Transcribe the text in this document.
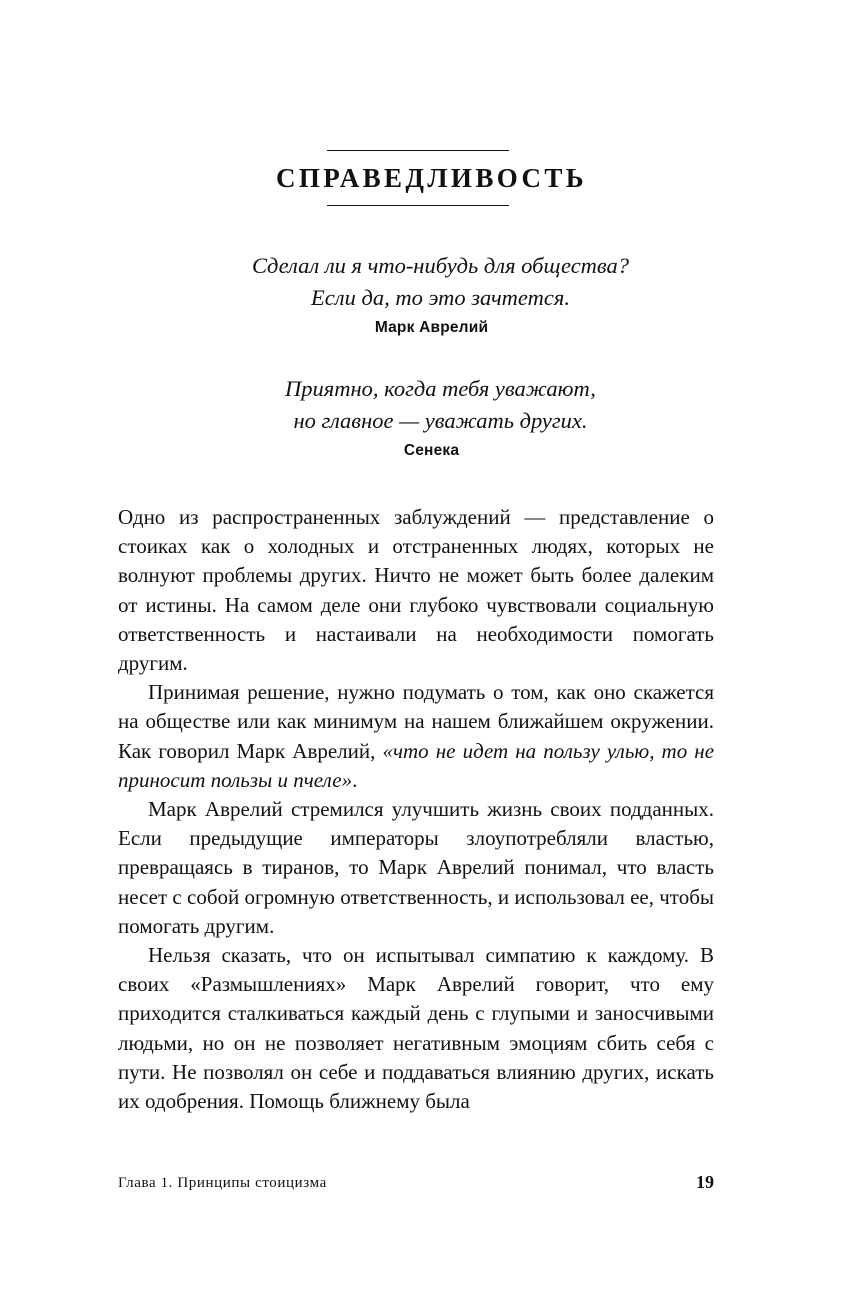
СПРАВЕДЛИВОСТЬ
Сделал ли я что-нибудь для общества?
Если да, то это зачтется.
Марк Аврелий
Приятно, когда тебя уважают,
но главное — уважать других.
Сенека

Одно из распространенных заблуждений — представление о стоиках как о холодных и отстраненных людях, которых не волнуют проблемы других. Ничто не может быть более далеким от истины. На самом деле они глубоко чувствовали социальную ответственность и настаивали на необходимости помогать другим.

Принимая решение, нужно подумать о том, как оно скажется на обществе или как минимум на нашем ближайшем окружении. Как говорил Марк Аврелий, «что не идет на пользу улью, то не приносит пользы и пчеле».

Марк Аврелий стремился улучшить жизнь своих подданных. Если предыдущие императоры злоупотребляли властью, превращаясь в тиранов, то Марк Аврелий понимал, что власть несет с собой огромную ответственность, и использовал ее, чтобы помогать другим.

Нельзя сказать, что он испытывал симпатию к каждому. В своих «Размышлениях» Марк Аврелий говорит, что ему приходится сталкиваться каждый день с глупыми и заносчивыми людьми, но он не позволяет негативным эмоциям сбить себя с пути. Не позволял он себе и поддаваться влиянию других, искать их одобрения. Помощь ближнему была

Глава 1. Принципы стоицизма	19
